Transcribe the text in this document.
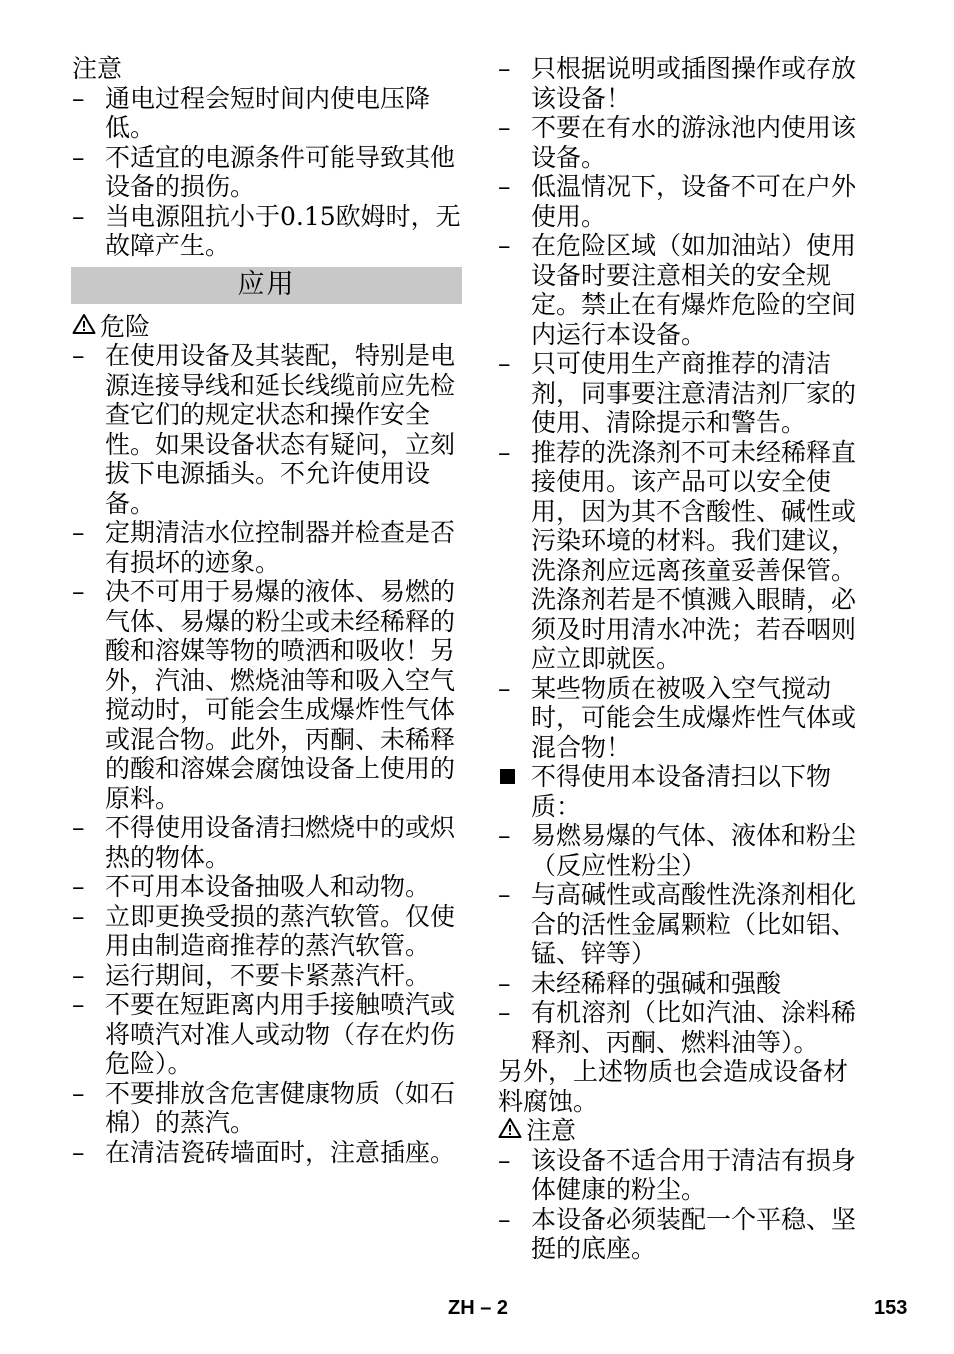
注意

– 通电过程会短时间内使电压降低。

– 不适宜的电源条件可能导致其他设备的损伤。

– 当电源阻抗小于0.15欧姆时，无故障产生。

应用

危险

– 在使用设备及其装配，特别是电源连接导线和延长线缆前应先检查它们的规定状态和操作安全性。如果设备状态有疑问，立刻拔下电源插头。不允许使用设备。

– 定期清洁水位控制器并检查是否有损坏的迹象。

– 决不可用于易爆的液体、易燃的气体、易爆的粉尘或未经稀释的酸和溶媒等物的喷洒和吸收！另外，汽油、燃烧油等和吸入空气搅动时，可能会生成爆炸性气体或混合物。此外，丙酮、未稀释的酸和溶媒会腐蚀设备上使用的原料。

– 不得使用设备清扫燃烧中的或炽热的物体。

– 不可用本设备抽吸人和动物。

– 立即更换受损的蒸汽软管。仅使用由制造商推荐的蒸汽软管。

– 运行期间，不要卡紧蒸汽杆。

– 不要在短距离内用手接触喷汽或将喷汽对准人或动物（存在灼伤危险）。

– 不要排放含危害健康物质（如石棉）的蒸汽。

– 在清洁瓷砖墙面时，注意插座。

– 只根据说明或插图操作或存放该设备！

– 不要在有水的游泳池内使用该设备。

– 低温情况下，设备不可在户外使用。

– 在危险区域（如加油站）使用设备时要注意相关的安全规定。禁止在有爆炸危险的空间内运行本设备。

– 只可使用生产商推荐的清洁剂，同事要注意清洁剂厂家的使用、清除提示和警告。

– 推荐的洗涤剂不可未经稀释直接使用。该产品可以安全使用，因为其不含酸性、碱性或污染环境的材料。我们建议，洗涤剂应远离孩童妥善保管。洗涤剂若是不慎溅入眼睛，必须及时用清水冲洗；若吞咽则应立即就医。

– 某些物质在被吸入空气搅动时，可能会生成爆炸性气体或混合物！

不得使用本设备清扫以下物质：

– 易燃易爆的气体、液体和粉尘（反应性粉尘）

– 与高碱性或高酸性洗涤剂相化合的活性金属颗粒（比如铝、锰、锌等）

– 未经稀释的强碱和强酸

– 有机溶剂（比如汽油、涂料稀释剂、丙酮、燃料油等）。

另外，上述物质也会造成设备材料腐蚀。

注意

– 该设备不适合用于清洁有损身体健康的粉尘。

– 本设备必须装配一个平稳、坚挺的底座。

ZH – 2	153
